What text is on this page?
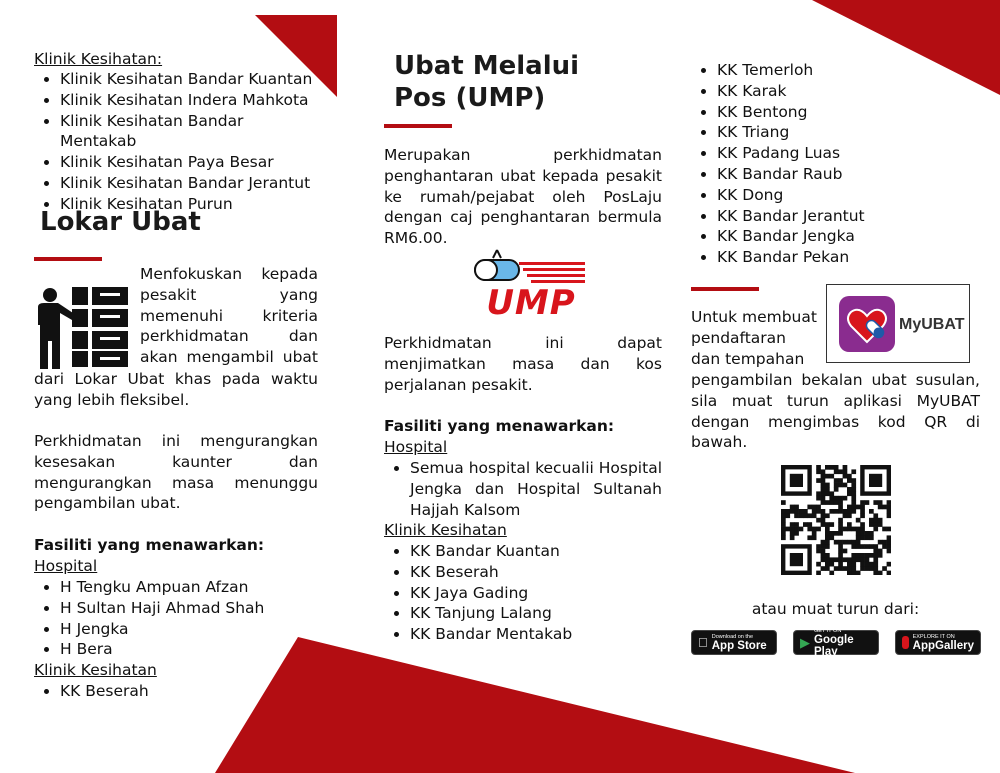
Klinik Kesihatan:
• Klinik Kesihatan Bandar Kuantan
• Klinik Kesihatan Indera Mahkota
• Klinik Kesihatan Bandar Mentakab
• Klinik Kesihatan Paya Besar
• Klinik Kesihatan Bandar Jerantut
• Klinik Kesihatan Purun
Lokar Ubat
Menfokuskan kepada
pesakit yang
memenuhi kriteria
perkhidmatan dan
akan mengambil ubat
dari Lokar Ubat khas pada waktu yang lebih fleksibel.
Perkhidmatan ini mengurangkan kesesakan kaunter dan mengurangkan masa menunggu pengambilan ubat.
Fasiliti yang menawarkan:
Hospital
• H Tengku Ampuan Afzan
• H Sultan Haji Ahmad Shah
• H Jengka
• H Bera
Klinik Kesihatan
• KK Beserah
Ubat Melalui
Pos (UMP)
Merupakan perkhidmatan penghantaran ubat kepada pesakit ke rumah/pejabat oleh PosLaju dengan caj penghantaran bermula RM6.00.
UMP
Perkhidmatan ini dapat menjimatkan masa dan kos perjalanan pesakit.
Fasiliti yang menawarkan:
Hospital
• Semua hospital kecualii Hospital Jengka dan Hospital Sultanah Hajjah Kalsom
Klinik Kesihatan
• KK Bandar Kuantan
• KK Beserah
• KK Jaya Gading
• KK Tanjung Lalang
• KK Bandar Mentakab
• KK Temerloh
• KK Karak
• KK Bentong
• KK Triang
• KK Padang Luas
• KK Bandar Raub
• KK Dong
• KK Bandar Jerantut
• KK Bandar Jengka
• KK Bandar Pekan
Untuk membuat
pendaftaran
dan tempahan
MyUBAT
pengambilan bekalan ubat susulan, sila muat turun aplikasi MyUBAT dengan mengimbas kod QR di bawah.
atau muat turun dari:
Download on the
App Store	▶
GET IT ON
Google Play
EXPLORE IT ON
AppGallery
